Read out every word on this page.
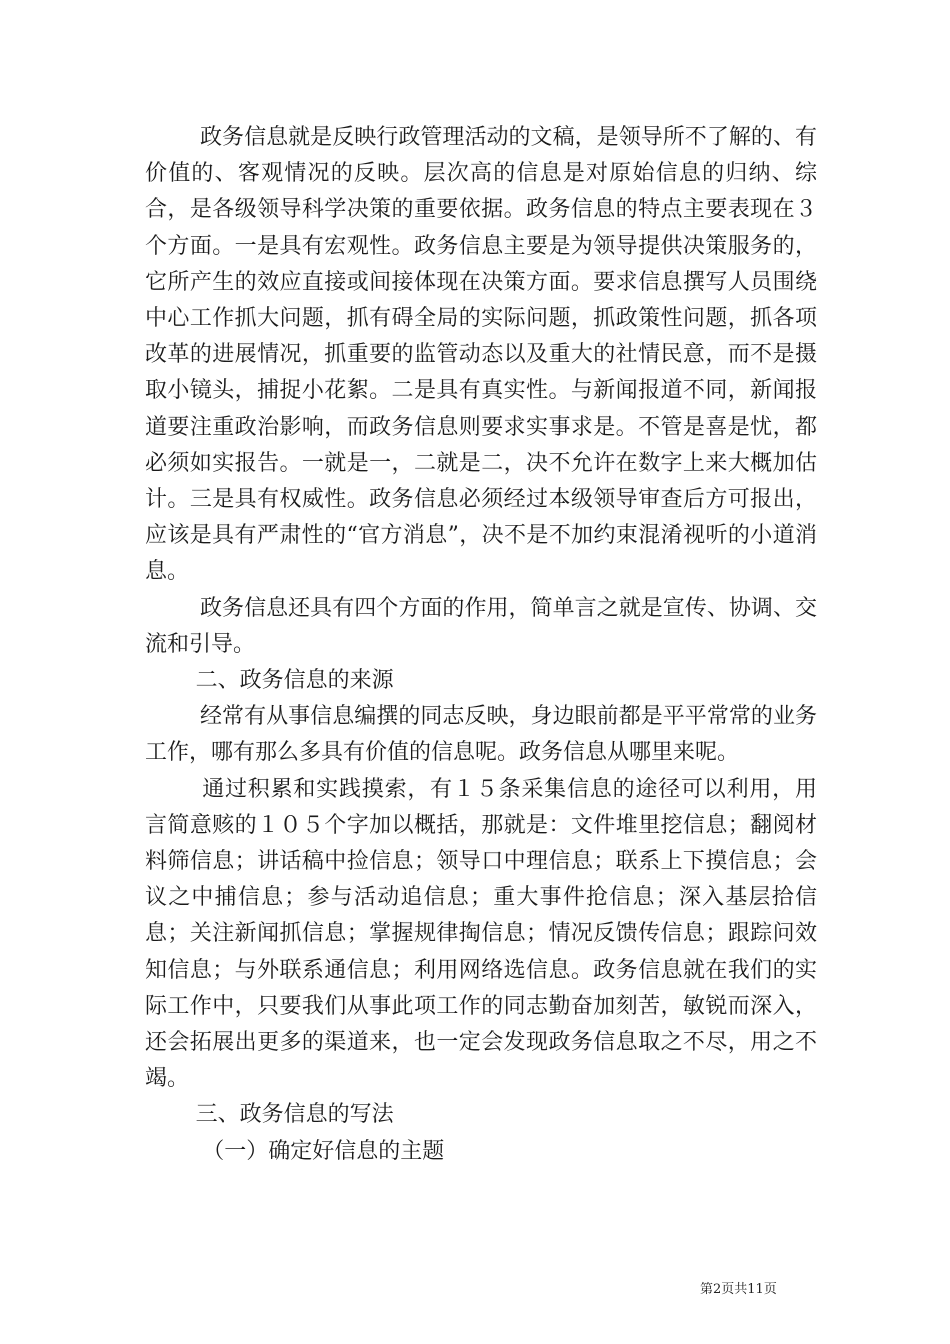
政务信息就是反映行政管理活动的文稿，是领导所不了解的、有价值的、客观情况的反映。层次高的信息是对原始信息的归纳、综合，是各级领导科学决策的重要依据。政务信息的特点主要表现在３个方面。一是具有宏观性。政务信息主要是为领导提供决策服务的，它所产生的效应直接或间接体现在决策方面。要求信息撰写人员围绕中心工作抓大问题，抓有碍全局的实际问题，抓政策性问题，抓各项改革的进展情况，抓重要的监管动态以及重大的社情民意，而不是摄取小镜头，捕捉小花絮。二是具有真实性。与新闻报道不同，新闻报道要注重政治影响，而政务信息则要求实事求是。不管是喜是忧，都必须如实报告。一就是一，二就是二，决不允许在数字上来大概加估计。三是具有权威性。政务信息必须经过本级领导审查后方可报出，应该是具有严肃性的“官方消息”，决不是不加约束混淆视听的小道消息。

政务信息还具有四个方面的作用，简单言之就是宣传、协调、交流和引导。

二、政务信息的来源

经常有从事信息编撰的同志反映，身边眼前都是平平常常的业务工作，哪有那么多具有价值的信息呢。政务信息从哪里来呢。

通过积累和实践摸索，有１５条采集信息的途径可以利用，用言简意赅的１０５个字加以概括，那就是：文件堆里挖信息；翻阅材料筛信息；讲话稿中捡信息；领导口中理信息；联系上下摸信息；会议之中捕信息；参与活动追信息；重大事件抢信息；深入基层拾信息；关注新闻抓信息；掌握规律掏信息；情况反馈传信息；跟踪问效知信息；与外联系通信息；利用网络选信息。政务信息就在我们的实际工作中，只要我们从事此项工作的同志勤奋加刻苦，敏锐而深入，还会拓展出更多的渠道来，也一定会发现政务信息取之不尽，用之不竭。

三、政务信息的写法

（一）确定好信息的主题

第2页共11页
